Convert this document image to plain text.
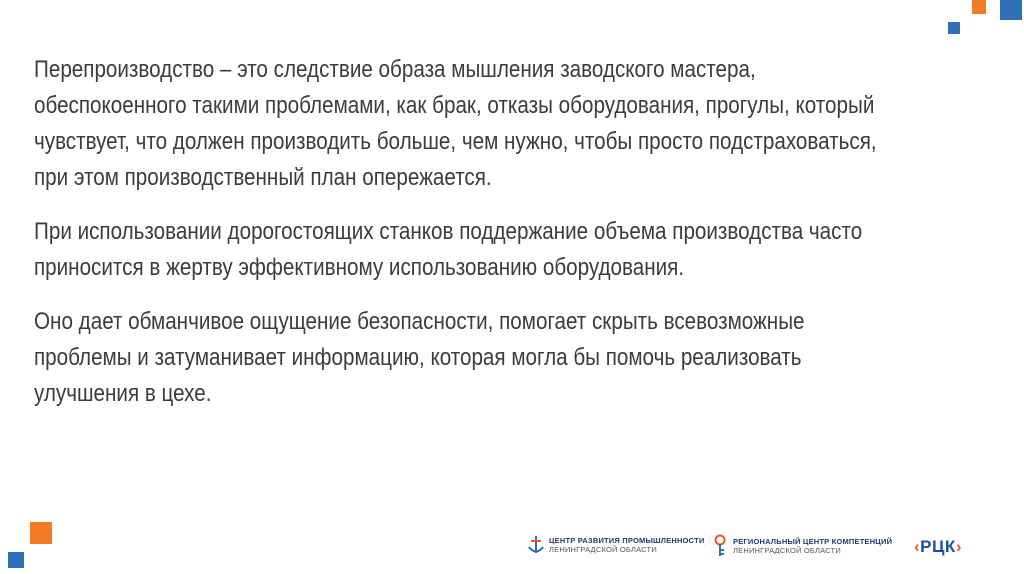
Перепроизводство – это следствие образа мышления заводского мастера, обеспокоенного такими проблемами, как брак, отказы оборудования, прогулы, который чувствует, что должен производить больше, чем нужно, чтобы просто подстраховаться, при этом производственный план опережается.

При использовании дорогостоящих станков поддержание объема производства часто приносится в жертву эффективному использованию оборудования.

Оно дает обманчивое ощущение безопасности, помогает скрыть всевозможные проблемы и затуманивает информацию, которая могла бы помочь реализовать улучшения в цехе.

ЦЕНТР РАЗВИТИЯ ПРОМЫШЛЕННОСТИ
ЛЕНИНГРАДСКОЙ ОБЛАСТИ
РЕГИОНАЛЬНЫЙ ЦЕНТР КОМПЕТЕНЦИЙ
ЛЕНИНГРАДСКОЙ ОБЛАСТИ	‹ РЦК ›
